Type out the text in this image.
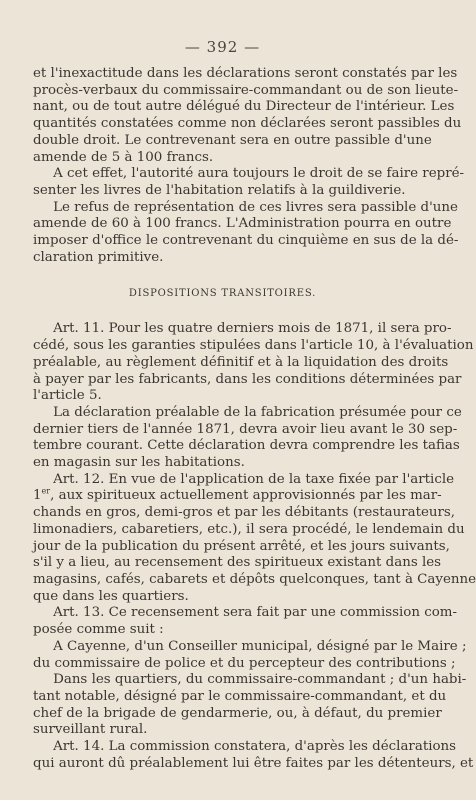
— 392 —
et l'inexactitude dans les déclarations seront constatés par les
procès-verbaux du commissaire-commandant ou de son lieute-
nant, ou de tout autre délégué du Directeur de l'intérieur. Les
quantités constatées comme non déclarées seront passibles du
double droit. Le contrevenant sera en outre passible d'une
amende de 5 à 100 francs.
A cet effet, l'autorité aura toujours le droit de se faire repré-
senter les livres de l'habitation relatifs à la guildiverie.
Le refus de représentation de ces livres sera passible d'une
amende de 60 à 100 francs. L'Administration pourra en outre
imposer d'office le contrevenant du cinquième en sus de la dé-
claration primitive.
DISPOSITIONS TRANSITOIRES.
Art. 11. Pour les quatre derniers mois de 1871, il sera pro-
cédé, sous les garanties stipulées dans l'article 10, à l'évaluation
préalable, au règlement définitif et à la liquidation des droits
à payer par les fabricants, dans les conditions déterminées par
l'article 5.
La déclaration préalable de la fabrication présumée pour ce
dernier tiers de l'année 1871, devra avoir lieu avant le 30 sep-
tembre courant. Cette déclaration devra comprendre les tafias
en magasin sur les habitations.
Art. 12. En vue de l'application de la taxe fixée par l'article
1er, aux spiritueux actuellement approvisionnés par les mar-
chands en gros, demi-gros et par les débitants (restaurateurs,
limonadiers, cabaretiers, etc.), il sera procédé, le lendemain du
jour de la publication du présent arrêté, et les jours suivants,
s'il y a lieu, au recensement des spiritueux existant dans les
magasins, cafés, cabarets et dépôts quelconques, tant à Cayenne
que dans les quartiers.
Art. 13. Ce recensement sera fait par une commission com-
posée comme suit :
A Cayenne, d'un Conseiller municipal, désigné par le Maire ;
du commissaire de police et du percepteur des contributions ;
Dans les quartiers, du commissaire-commandant ; d'un habi-
tant notable, désigné par le commissaire-commandant, et du
chef de la brigade de gendarmerie, ou, à défaut, du premier
surveillant rural.
Art. 14. La commission constatera, d'après les déclarations
qui auront dû préalablement lui être faites par les détenteurs, et
